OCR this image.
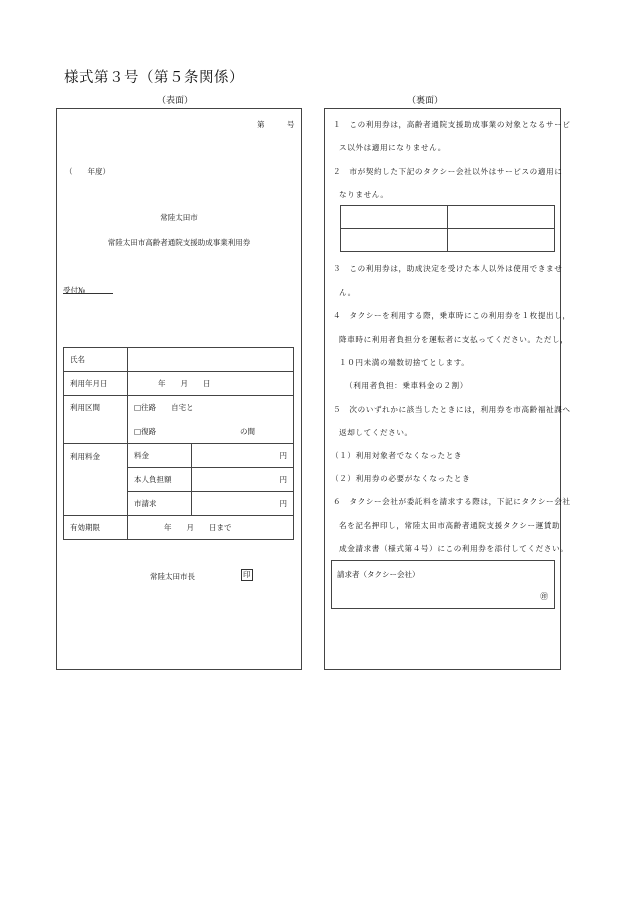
様式第３号（第５条関係）
（表面）	（裏面）
第　　　号
（　　年度）
常陸太田市
常陸太田市高齢者通院支援助成事業利用券
受付№
氏名		
利用年月日	年　　月　　日	
利用区間	□往路　　自宅と	
	□復路 の間	

利用料金	料金	円
	本人負担額	円
	市請求	円
有効期限	年　　月　　日まで	
常陸太田市長	印
１　この利用券は，高齢者通院支援助成事業の対象となるサービ
ス以外は適用になりません。
２　市が契約した下記のタクシー会社以外はサービスの適用に
なりません。

３　この利用券は，助成決定を受けた本人以外は使用できませ
ん。
４　タクシーを利用する際，乗車時にこの利用券を１枚提出し，
降車時に利用者負担分を運転者に支払ってください。ただし，
１０円未満の端数切捨てとします。
（利用者負担：乗車料金の２割）
５　次のいずれかに該当したときには，利用券を市高齢福祉課へ
返却してください。
（１）利用対象者でなくなったとき
（２）利用券の必要がなくなったとき
６　タクシー会社が委託料を請求する際は，下記にタクシー会社
名を記名押印し，常陸太田市高齢者通院支援タクシー運賃助
成金請求書（様式第４号）にこの利用券を添付してください。
請求者（タクシー会社）
㊞
